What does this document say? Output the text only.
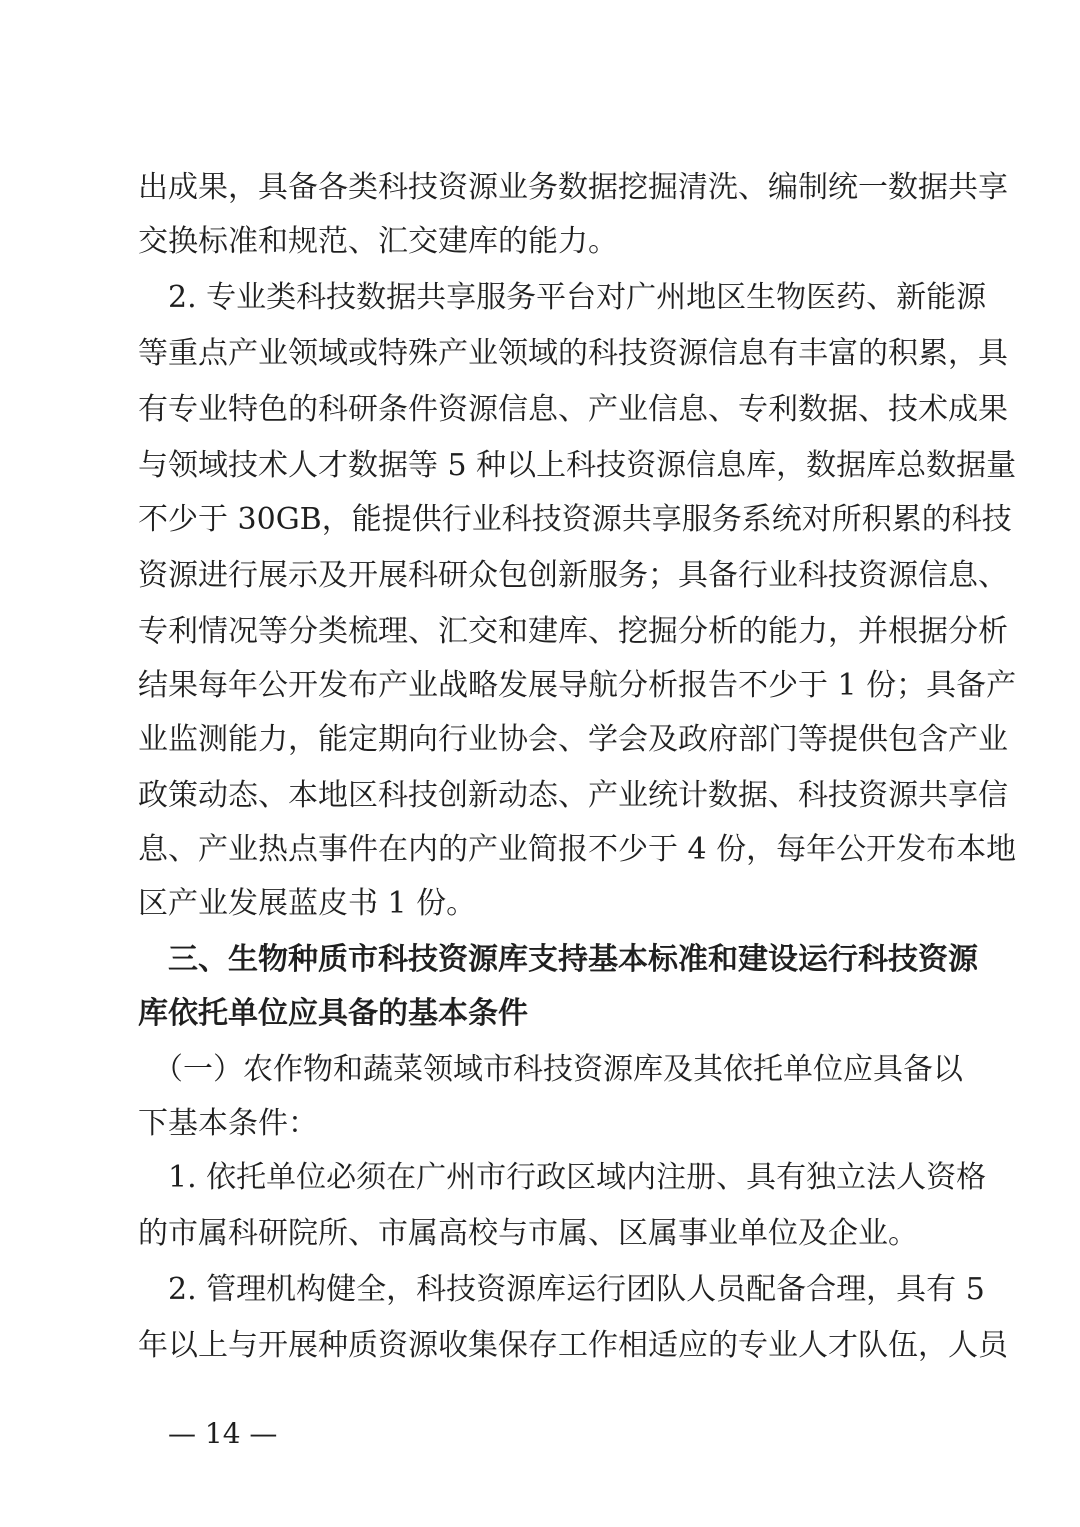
出成果，具备各类科技资源业务数据挖掘清洗、编制统一数据共享
交换标准和规范、汇交建库的能力。
　2. 专业类科技数据共享服务平台对广州地区生物医药、新能源
等重点产业领域或特殊产业领域的科技资源信息有丰富的积累，具
有专业特色的科研条件资源信息、产业信息、专利数据、技术成果
与领域技术人才数据等 5 种以上科技资源信息库，数据库总数据量
不少于 30GB，能提供行业科技资源共享服务系统对所积累的科技
资源进行展示及开展科研众包创新服务；具备行业科技资源信息、
专利情况等分类梳理、汇交和建库、挖掘分析的能力，并根据分析
结果每年公开发布产业战略发展导航分析报告不少于 1 份；具备产
业监测能力，能定期向行业协会、学会及政府部门等提供包含产业
政策动态、本地区科技创新动态、产业统计数据、科技资源共享信
息、产业热点事件在内的产业简报不少于 4 份，每年公开发布本地
区产业发展蓝皮书 1 份。
　三、生物种质市科技资源库支持基本标准和建设运行科技资源
库依托单位应具备的基本条件
　（一）农作物和蔬菜领域市科技资源库及其依托单位应具备以
下基本条件：
　1. 依托单位必须在广州市行政区域内注册、具有独立法人资格
的市属科研院所、市属高校与市属、区属事业单位及企业。
　2. 管理机构健全，科技资源库运行团队人员配备合理，具有 5
年以上与开展种质资源收集保存工作相适应的专业人才队伍，人员
— 14 —
